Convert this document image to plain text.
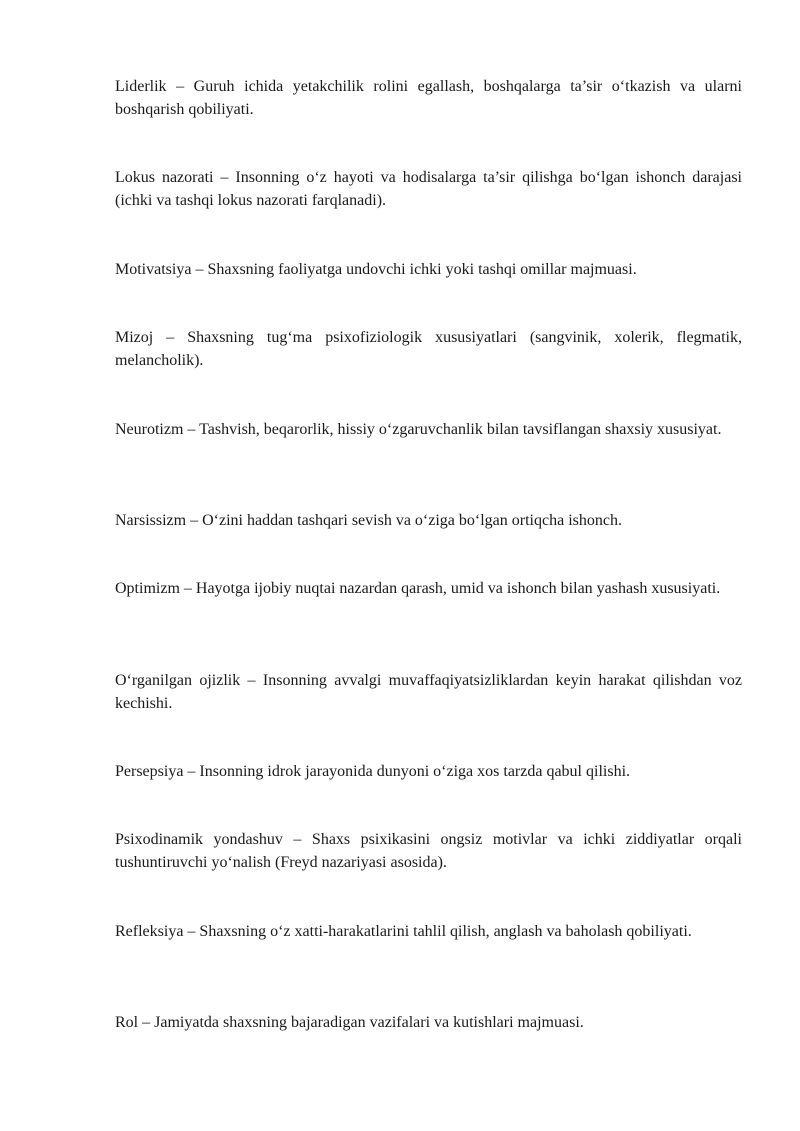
Liderlik – Guruh ichida yetakchilik rolini egallash, boshqalarga ta’sir o‘tkazish va ularni boshqarish qobiliyati.

Lokus nazorati – Insonning o‘z hayoti va hodisalarga ta’sir qilishga bo‘lgan ishonch darajasi (ichki va tashqi lokus nazorati farqlanadi).

Motivatsiya – Shaxsning faoliyatga undovchi ichki yoki tashqi omillar majmuasi.

Mizoj – Shaxsning tug‘ma psixofiziologik xususiyatlari (sangvinik, xolerik, flegmatik, melancholik).

Neurotizm – Tashvish, beqarorlik, hissiy o‘zgaruvchanlik bilan tavsiflangan shaxsiy xususiyat.

Narsissizm – O‘zini haddan tashqari sevish va o‘ziga bo‘lgan ortiqcha ishonch.

Optimizm – Hayotga ijobiy nuqtai nazardan qarash, umid va ishonch bilan yashash xususiyati.

O‘rganilgan ojizlik – Insonning avvalgi muvaffaqiyatsizliklardan keyin harakat qilishdan voz kechishi.

Persepsiya – Insonning idrok jarayonida dunyoni o‘ziga xos tarzda qabul qilishi.

Psixodinamik yondashuv – Shaxs psixikasini ongsiz motivlar va ichki ziddiyatlar orqali tushuntiruvchi yo‘nalish (Freyd nazariyasi asosida).

Refleksiya – Shaxsning o‘z xatti-harakatlarini tahlil qilish, anglash va baholash qobiliyati.

Rol – Jamiyatda shaxsning bajaradigan vazifalari va kutishlari majmuasi.
